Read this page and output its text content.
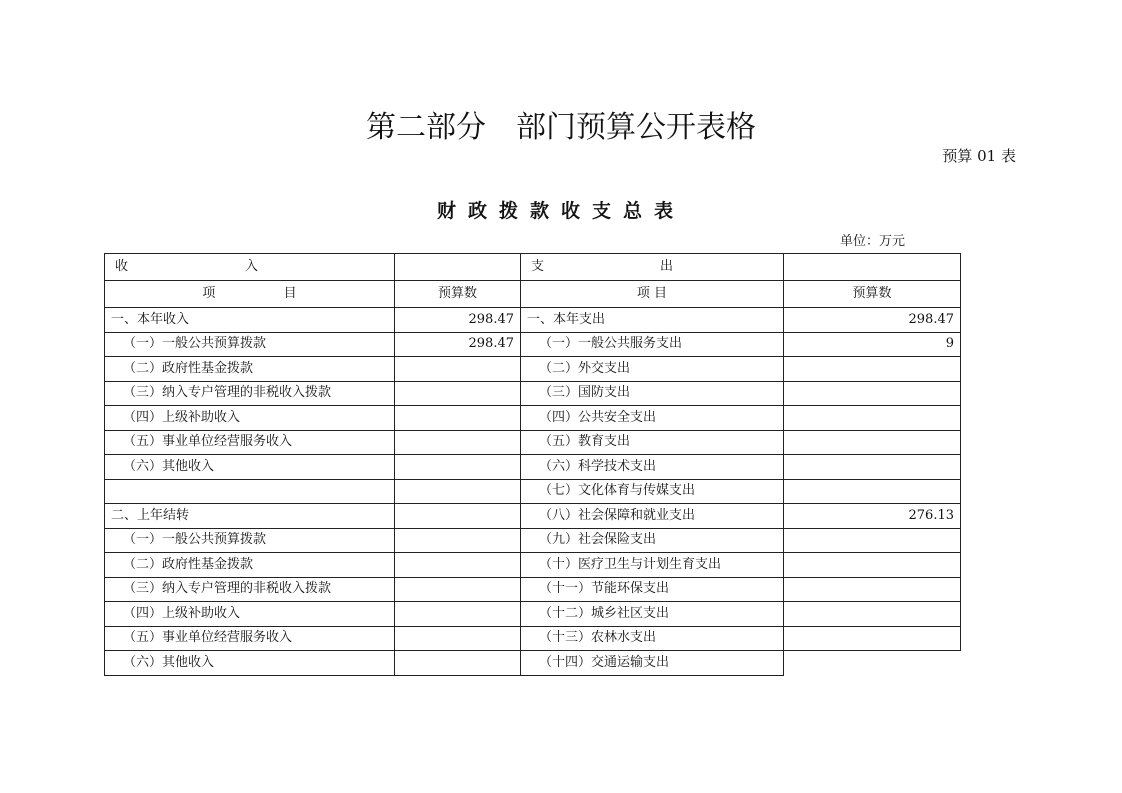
第二部分　部门预算公开表格
预算 01 表
财政拨款收支总表
单位：万元
收 入		支 出	

项 目	预算数	项 目	预算数
一、本年收入	298.47	一、本年支出	298.47
（一）一般公共预算拨款	298.47	（一）一般公共服务支出	9
（二）政府性基金拨款		（二）外交支出	
（三）纳入专户管理的非税收入拨款		（三）国防支出	
（四）上级补助收入		（四）公共安全支出	
（五）事业单位经营服务收入		（五）教育支出	
（六）其他收入		（六）科学技术支出	
		（七）文化体育与传媒支出	
二、上年结转		（八）社会保障和就业支出	276.13
（一）一般公共预算拨款		（九）社会保险支出	
（二）政府性基金拨款		（十）医疗卫生与计划生育支出	
（三）纳入专户管理的非税收入拨款		（十一）节能环保支出	
（四）上级补助收入		（十二）城乡社区支出	
（五）事业单位经营服务收入		（十三）农林水支出	
（六）其他收入		（十四）交通运输支出	
